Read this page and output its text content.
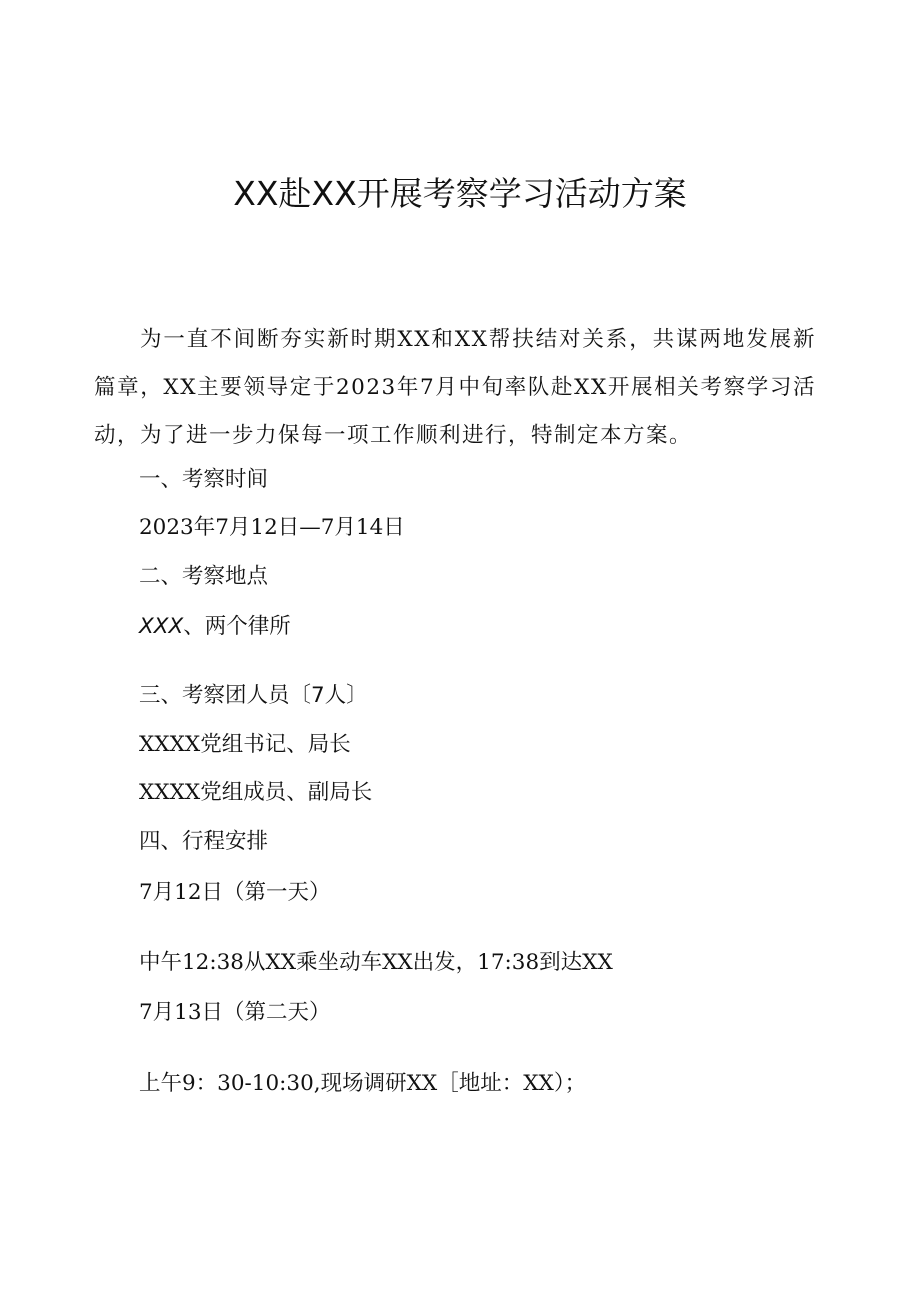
XX赴XX开展考察学习活动方案
为一直不间断夯实新时期XX和XX帮扶结对关系，共谋两地发展新篇章，XX主要领导定于2023年7月中旬率队赴XX开展相关考察学习活动，为了进一步力保每一项工作顺利进行，特制定本方案。
一、考察时间
2023年7月12日—7月14日
二、考察地点
XXX、两个律所
三、考察团人员〔7人〕
XXXX党组书记、局长
XXXX党组成员、副局长
四、行程安排
7月12日（第一天）
中午12:38从XX乘坐动车XX出发，17:38到达XX
7月13日（第二天）
上午9：30-10:30,现场调研XX［地址：XX）；
